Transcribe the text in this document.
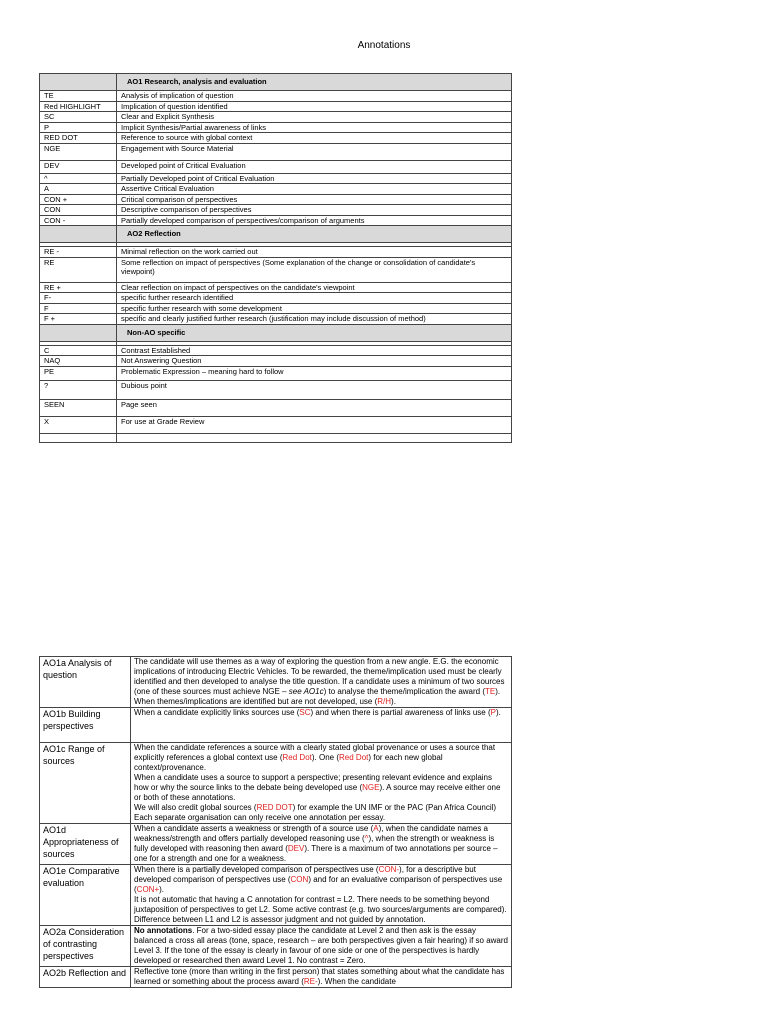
Annotations
	AO1 Research, analysis and evaluation
TE	Analysis of implication of question
Red HIGHLIGHT	Implication of question identified
SC	Clear and Explicit Synthesis
P	Implicit Synthesis/Partial awareness of links
RED DOT	Reference to source with global context
NGE	Engagement with Source Material
DEV	Developed point of Critical Evaluation
^	Partially Developed point of Critical Evaluation
A	Assertive Critical Evaluation
CON +	Critical comparison of perspectives
CON	Descriptive comparison of perspectives
CON -	Partially developed comparison of perspectives/comparison of arguments
	AO2 Reflection

RE -	Minimal reflection on the work carried out
RE	Some reflection on impact of perspectives (Some explanation of the change or consolidation of candidate's viewpoint)
RE +	Clear reflection on impact of perspectives on the candidate's viewpoint
F-	specific further research identified
F	specific further research with some development
F +	specific and clearly justified further research (justification may include discussion of method)
	Non-AO specific

C	Contrast Established
NAQ	Not Answering Question
PE	Problematic Expression – meaning hard to follow
?	Dubious point
SEEN	Page seen
X	For use at Grade Review

AO1a Analysis of question	The candidate will use themes as a way of exploring the question from a new angle. E.G. the economic implications of introducing Electric Vehicles. To be rewarded, the theme/implication used must be clearly identified and then developed to analyse the title question. If a candidate uses a minimum of two sources (one of these sources must achieve NGE – see AO1c) to analyse the theme/implication the award (TE). When themes/implications are identified but are not developed, use (R/H).
AO1b Building perspectives	When a candidate explicitly links sources use (SC) and when there is partial awareness of links use (P).
AO1c Range of sources	When the candidate references a source with a clearly stated global provenance or uses a source that explicitly references a global context use (Red Dot). One (Red Dot) for each new global context/provenance.
When a candidate uses a source to support a perspective; presenting relevant evidence and explains how or why the source links to the debate being developed use (NGE). A source may receive either one or both of these annotations.
We will also credit global sources (RED DOT) for example the UN IMF or the PAC (Pan Africa Council) Each separate organisation can only receive one annotation per essay.
AO1d Appropriateness of sources	When a candidate asserts a weakness or strength of a source use (A), when the candidate names a weakness/strength and offers partially developed reasoning use (^), when the strength or weakness is fully developed with reasoning then award (DEV). There is a maximum of two annotations per source – one for a strength and one for a weakness.
AO1e Comparative evaluation	When there is a partially developed comparison of perspectives use (CON-), for a descriptive but developed comparison of perspectives use (CON) and for an evaluative comparison of perspectives use (CON+).
It is not automatic that having a C annotation for contrast = L2. There needs to be something beyond juxtaposition of perspectives to get L2. Some active contrast (e.g. two sources/arguments are compared). Difference between L1 and L2 is assessor judgment and not guided by annotation.
AO2a Consideration of contrasting perspectives	No annotations. For a two-sided essay place the candidate at Level 2 and then ask is the essay balanced a cross all areas (tone, space, research – are both perspectives given a fair hearing) if so award Level 3. If the tone of the essay is clearly in favour of one side or one of the perspectives is hardly developed or researched then award Level 1. No contrast = Zero.
AO2b Reflection and	Reflective tone (more than writing in the first person) that states something about what the candidate has learned or something about the process award (RE-). When the candidate
